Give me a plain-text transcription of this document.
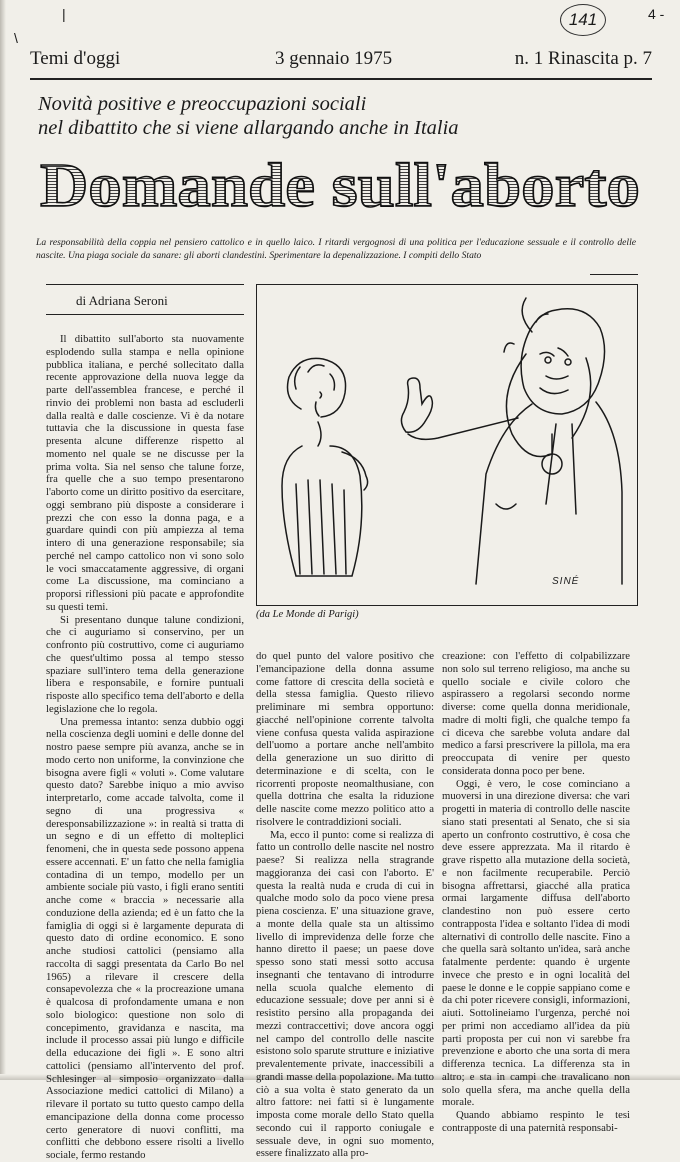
|
\
4 -
141
Temi d'oggi	3 gennaio 1975	n. 1 Rinascita p. 7
Novità positive e preoccupazioni sociali
nel dibattito che si viene allargando anche in Italia
Domande sull'aborto
La responsabilità della coppia nel pensiero cattolico e in quello laico. I ritardi vergognosi di una politica per l'educazione sessuale e il controllo delle nascite. Una piaga sociale da sanare: gli aborti clandestini. Sperimentare la depenalizzazione. I compiti dello Stato
di Adriana Seroni

Il dibattito sull'aborto sta nuovamente esplodendo sulla stampa e nella opinione pubblica italiana, e perché sollecitato dalla recente approvazione della nuova legge da parte dell'assemblea francese, e perché il rinvio dei problemi non basta ad escluderli dalla realtà e dalle coscienze. Vi è da notare tuttavia che la discussione in questa fase presenta alcune differenze rispetto al momento nel quale se ne discusse per la prima volta. Sia nel senso che talune forze, fra quelle che a suo tempo presentarono l'aborto come un diritto positivo da esercitare, oggi sembrano più disposte a considerare i prezzi che con esso la donna paga, e a guardare quindi con più ampiezza al tema intero di una generazione responsabile; sia perché nel campo cattolico non vi sono solo le voci smaccatamente aggressive, di organi come La discussione, ma cominciano a proporsi riflessioni più pacate e approfondite su questi temi.

Si presentano dunque talune condizioni, che ci auguriamo si conservino, per un confronto più costruttivo, come ci auguriamo che quest'ultimo possa al tempo stesso spaziare sull'intero tema della generazione libera e responsabile, e fornire puntuali risposte allo specifico tema dell'aborto e della legislazione che lo regola.

Una premessa intanto: senza dubbio oggi nella coscienza degli uomini e delle donne del nostro paese sempre più avanza, anche se in modo certo non uniforme, la convinzione che bisogna avere figli « voluti ». Come valutare questo dato? Sarebbe iniquo a mio avviso interpretarlo, come accade talvolta, come il segno di una progressiva « deresponsabilizzazione »: in realtà si tratta di un segno e di un effetto di molteplici fenomeni, che in questa sede possono appena essere accennati. E' un fatto che nella famiglia contadina di un tempo, modello per un ambiente sociale più vasto, i figli erano sentiti anche come « braccia » necessarie alla conduzione della azienda; ed è un fatto che la famiglia di oggi si è largamente depurata di questo dato di ordine economico. E sono anche studiosi cattolici (pensiamo alla raccolta di saggi presentata da Carlo Bo nel 1965) a rilevare il crescere della consapevolezza che « la procreazione umana è qualcosa di profondamente umana e non solo biologico: questione non solo di concepimento, gravidanza e nascita, ma include il processo assai più lungo e difficile della educazione dei figli ». E sono altri cattolici (pensiamo all'intervento del prof. Schlesinger al simposio organizzato dalla Associazione medici cattolici di Milano) a rilevare il portato su tutto questo campo della emancipazione della donna come processo certo generatore di nuovi conflitti, ma conflitti che debbono essere risolti a livello sociale, fermo restando

SINÉ
(da Le Monde di Parigi)

do quel punto del valore positivo che l'emancipazione della donna assume come fattore di crescita della società e della stessa famiglia. Questo rilievo preliminare mi sembra opportuno: giacché nell'opinione corrente talvolta viene confusa questa valida aspirazione dell'uomo a portare anche nell'ambito della generazione un suo diritto di determinazione e di scelta, con le ricorrenti proposte neomalthusiane, con quella dottrina che esalta la riduzione delle nascite come mezzo politico atto a risolvere le contraddizioni sociali.

Ma, ecco il punto: come si realizza di fatto un controllo delle nascite nel nostro paese? Si realizza nella stragrande maggioranza dei casi con l'aborto. E' questa la realtà nuda e cruda di cui in qualche modo solo da poco viene presa piena coscienza. E' una situazione grave, a monte della quale sta un altissimo livello di imprevidenza delle forze che hanno diretto il paese; un paese dove spesso sono stati messi sotto accusa insegnanti che tentavano di introdurre nella scuola qualche elemento di educazione sessuale; dove per anni si è resistito persino alla propaganda dei mezzi contraccettivi; dove ancora oggi nel campo del controllo delle nascite esistono solo sparute strutture e iniziative prevalentemente private, inaccessibili a grandi masse della popolazione. Ma tutto ciò a sua volta è stato generato da un altro fattore: nei fatti si è lungamente imposta come morale dello Stato quella secondo cui il rapporto coniugale e sessuale deve, in ogni suo momento, essere finalizzato alla pro-

creazione: con l'effetto di colpabilizzare non solo sul terreno religioso, ma anche su quello sociale e civile coloro che aspirassero a regolarsi secondo norme diverse: come quella donna meridionale, madre di molti figli, che qualche tempo fa ci diceva che sarebbe voluta andare dal medico a farsi prescrivere la pillola, ma era preoccupata di venire per questo considerata donna poco per bene.

Oggi, è vero, le cose cominciano a muoversi in una direzione diversa: che vari progetti in materia di controllo delle nascite siano stati presentati al Senato, che si sia aperto un confronto costruttivo, è cosa che deve essere apprezzata. Ma il ritardo è grave rispetto alla mutazione della società, e non facilmente recuperabile. Perciò bisogna affrettarsi, giacché alla pratica ormai largamente diffusa dell'aborto clandestino non può essere certo contrapposta l'idea e soltanto l'idea di modi alternativi di controllo delle nascite. Fino a che quella sarà soltanto un'idea, sarà anche fatalmente perdente: quando è urgente invece che presto e in ogni località del paese le donne e le coppie sappiano come e da chi poter ricevere consigli, informazioni, aiuti. Sottolineiamo l'urgenza, perché noi per primi non accediamo all'idea da più parti proposta per cui non vi sarebbe fra prevenzione e aborto che una sorta di mera differenza tecnica. La differenza sta in altro; e sta in campi che travalicano non solo quella sfera, ma anche quella della morale.

Quando abbiamo respinto le tesi contrapposte di una paternità responsabi-
